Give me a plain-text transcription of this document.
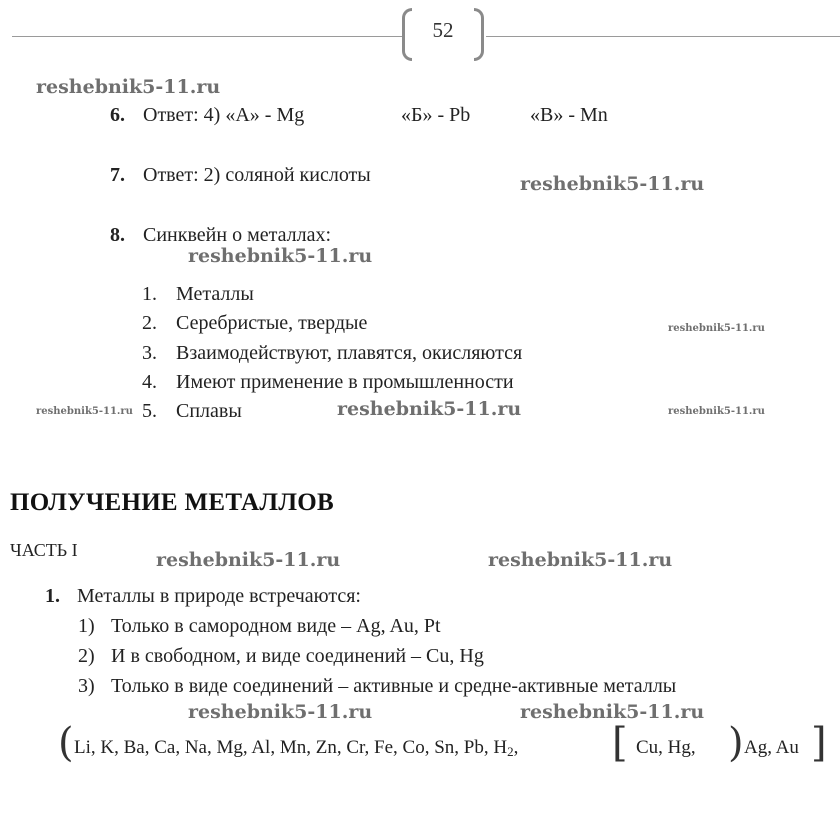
52
reshebnik5-11.ru
reshebnik5-11.ru
reshebnik5-11.ru
reshebnik5-11.ru
reshebnik5-11.ru	reshebnik5-11.ru	reshebnik5-11.ru
reshebnik5-11.ru	reshebnik5-11.ru
reshebnik5-11.ru	reshebnik5-11.ru
6. Ответ: 4) «А» - Mg	«Б» - Pb	«В» - Mn
7. Ответ: 2) соляной кислоты
8. Синквейн о металлах:
1. Металлы
2. Серебристые, твердые
3. Взаимодействуют, плавятся, окисляются
4. Имеют применение в промышленности
5. Сплавы
ПОЛУЧЕНИЕ МЕТАЛЛОВ
ЧАСТЬ I
1. Металлы в природе встречаются:
1) Только в самородном виде – Ag, Au, Pt
2) И в свободном, и виде соединений – Cu, Hg
3) Только в виде соединений – активные и средне-активные металлы
( Li, K, Ba, Ca, Na, Mg, Al, Mn, Zn, Cr, Fe, Co, Sn, Pb, $H_2$, [ Cu, Hg, ) Ag, Au ]
